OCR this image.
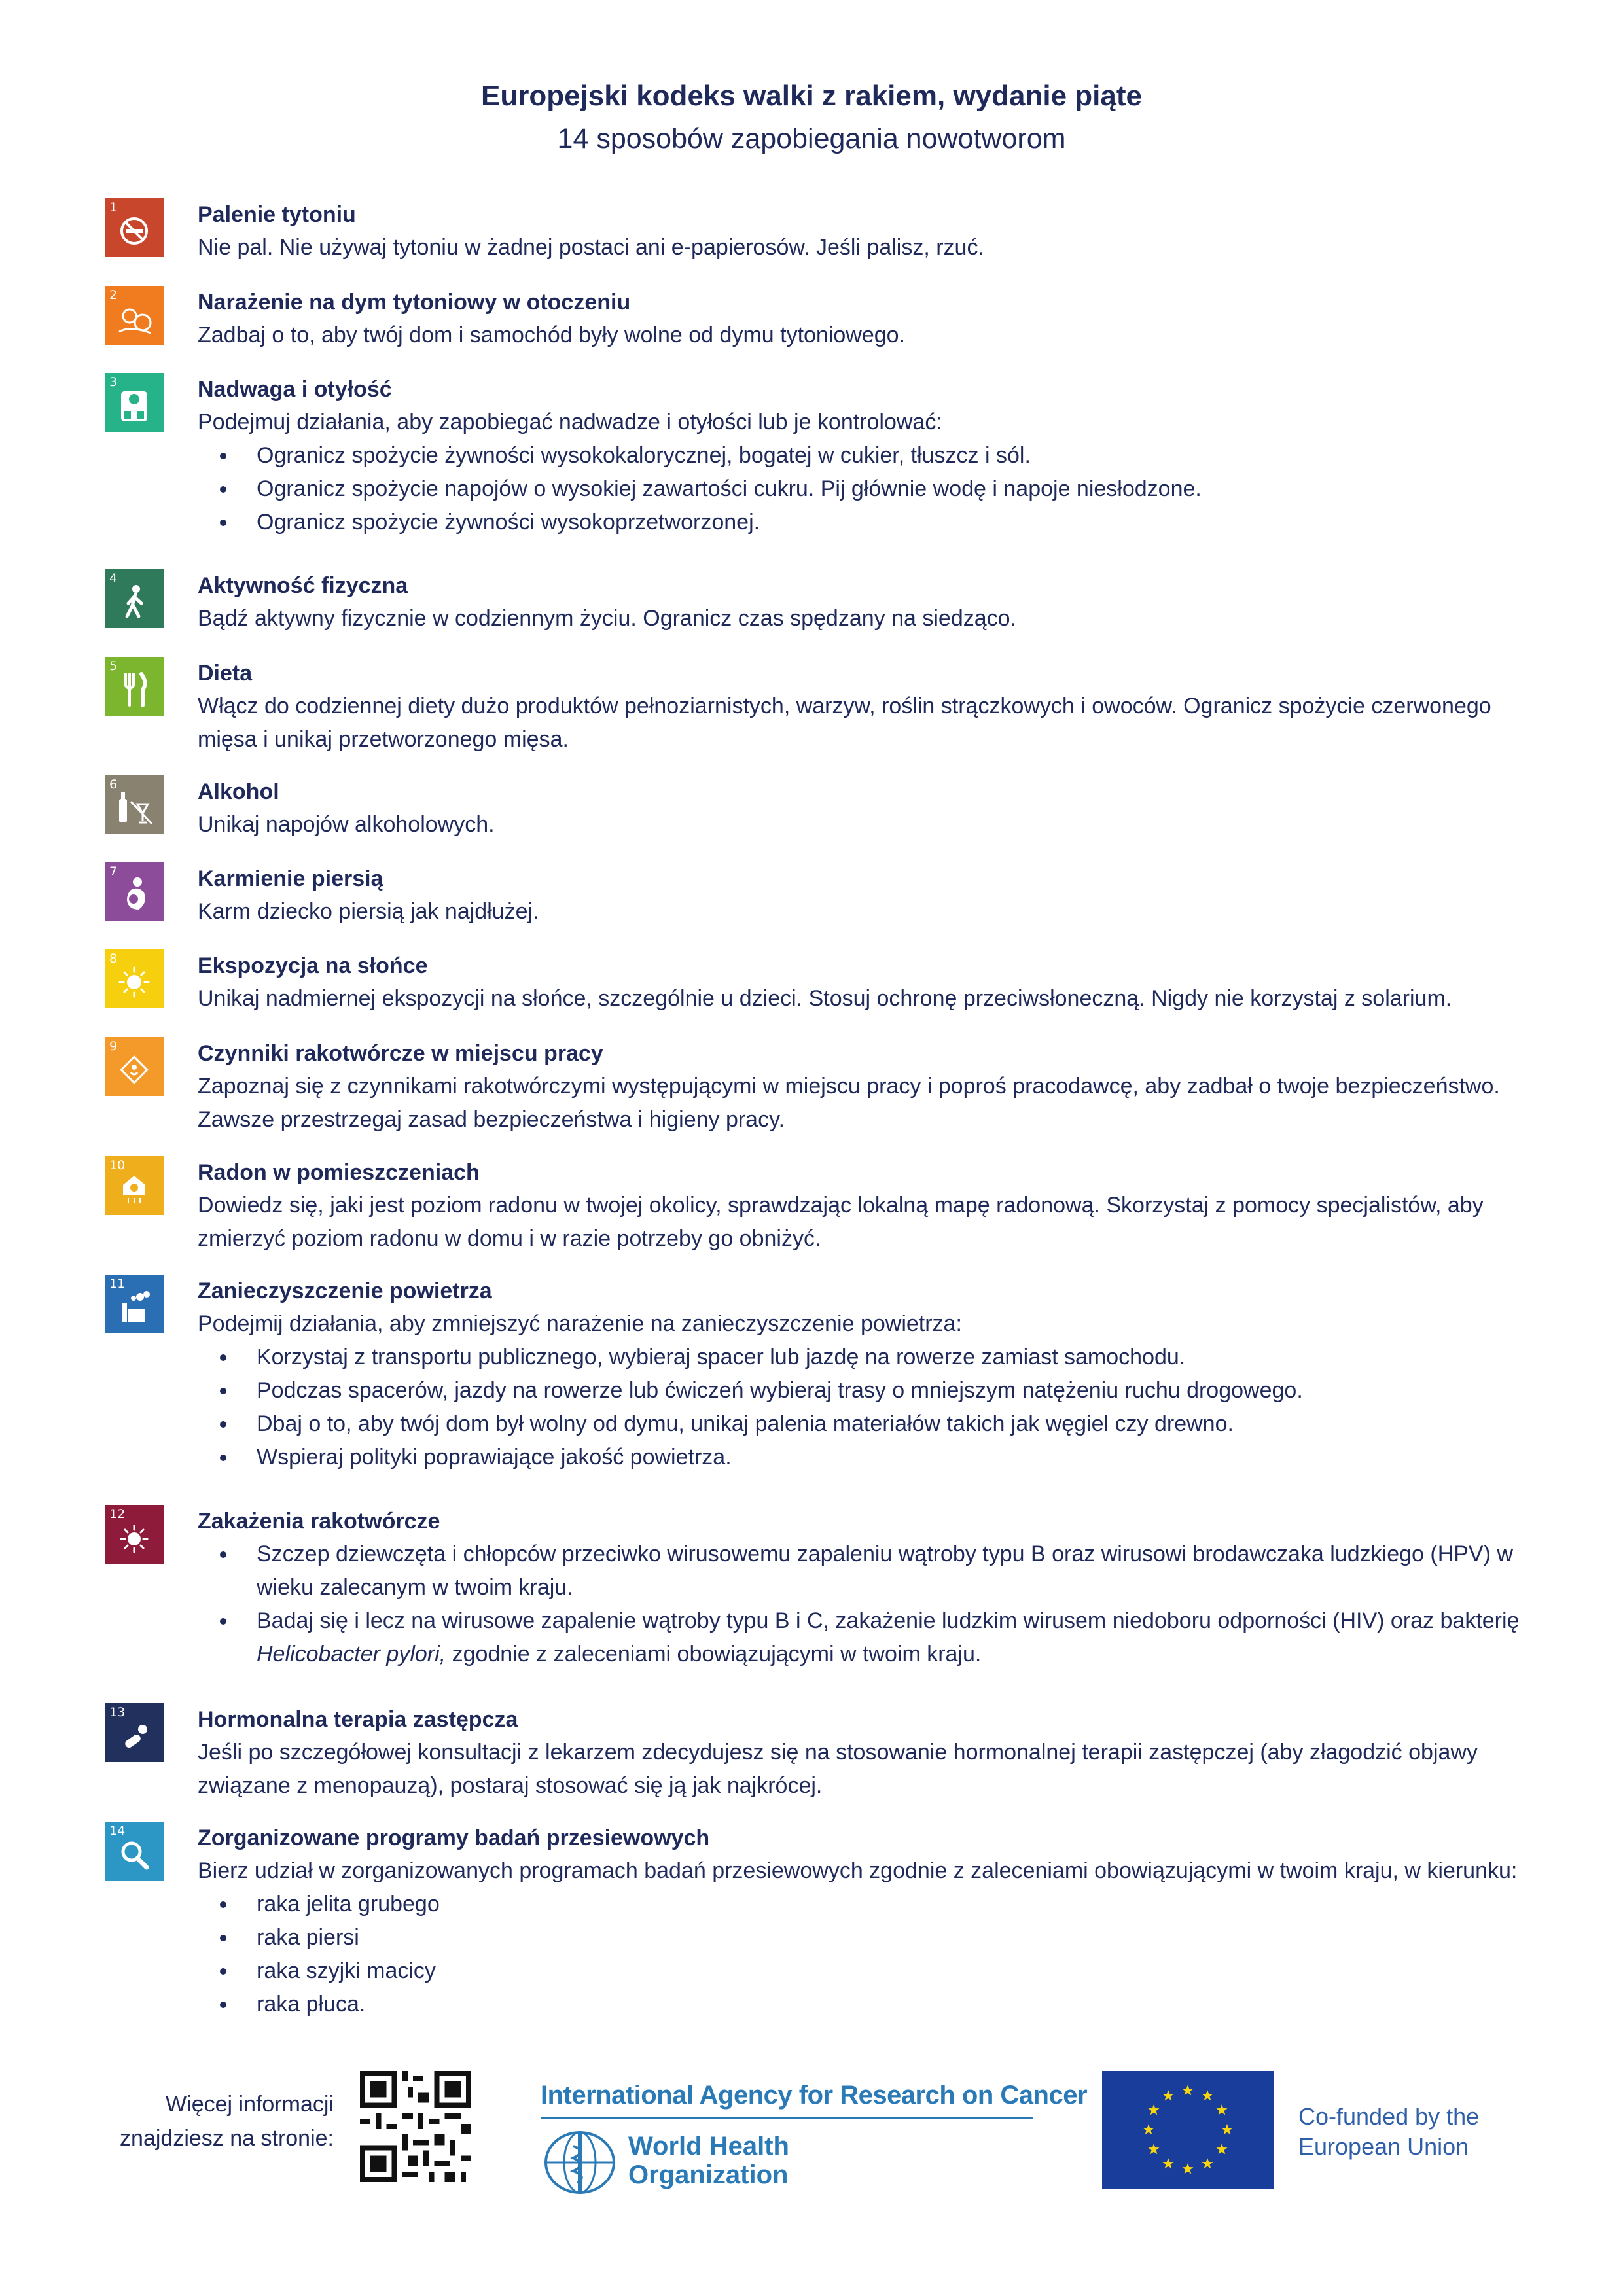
Europejski kodeks walki z rakiem, wydanie piąte
14 sposobów zapobiegania nowotworom
1	Palenie tytoniu
Nie pal. Nie używaj tytoniu w żadnej postaci ani e-papierosów. Jeśli palisz, rzuć.
2	Narażenie na dym tytoniowy w otoczeniu
Zadbaj o to, aby twój dom i samochód były wolne od dymu tytoniowego.
3	Nadwaga i otyłość
Podejmuj działania, aby zapobiegać nadwadze i otyłości lub je kontrolować:
Ogranicz spożycie żywności wysokokalorycznej, bogatej w cukier, tłuszcz i sól.
Ogranicz spożycie napojów o wysokiej zawartości cukru. Pij głównie wodę i napoje niesłodzone.
Ogranicz spożycie żywności wysokoprzetworzonej.
4	Aktywność fizyczna
Bądź aktywny fizycznie w codziennym życiu. Ogranicz czas spędzany na siedząco.
5	Dieta
Włącz do codziennej diety dużo produktów pełnoziarnistych, warzyw, roślin strączkowych i owoców. Ogranicz spożycie czerwonego mięsa i unikaj przetworzonego mięsa.
6	Alkohol
Unikaj napojów alkoholowych.
7	Karmienie piersią
Karm dziecko piersią jak najdłużej.
8	Ekspozycja na słońce
Unikaj nadmiernej ekspozycji na słońce, szczególnie u dzieci. Stosuj ochronę przeciwsłoneczną. Nigdy nie korzystaj z solarium.
9	Czynniki rakotwórcze w miejscu pracy
Zapoznaj się z czynnikami rakotwórczymi występującymi w miejscu pracy i poproś pracodawcę, aby zadbał o twoje bezpieczeństwo. Zawsze przestrzegaj zasad bezpieczeństwa i higieny pracy.
10	Radon w pomieszczeniach
Dowiedz się, jaki jest poziom radonu w twojej okolicy, sprawdzając lokalną mapę radonową. Skorzystaj z pomocy specjalistów, aby zmierzyć poziom radonu w domu i w razie potrzeby go obniżyć.
11	Zanieczyszczenie powietrza
Podejmij działania, aby zmniejszyć narażenie na zanieczyszczenie powietrza:
Korzystaj z transportu publicznego, wybieraj spacer lub jazdę na rowerze zamiast samochodu.
Podczas spacerów, jazdy na rowerze lub ćwiczeń wybieraj trasy o mniejszym natężeniu ruchu drogowego.
Dbaj o to, aby twój dom był wolny od dymu, unikaj palenia materiałów takich jak węgiel czy drewno.
Wspieraj polityki poprawiające jakość powietrza.
12	Zakażenia rakotwórcze
Szczep dziewczęta i chłopców przeciwko wirusowemu zapaleniu wątroby typu B oraz wirusowi brodawczaka ludzkiego (HPV) w wieku zalecanym w twoim kraju.
Badaj się i lecz na wirusowe zapalenie wątroby typu B i C, zakażenie ludzkim wirusem niedoboru odporności (HIV) oraz bakterię Helicobacter pylori, zgodnie z zaleceniami obowiązującymi w twoim kraju.
13	Hormonalna terapia zastępcza
Jeśli po szczegółowej konsultacji z lekarzem zdecydujesz się na stosowanie hormonalnej terapii zastępczej (aby złagodzić objawy związane z menopauzą), postaraj stosować się ją jak najkrócej.
14	Zorganizowane programy badań przesiewowych
Bierz udział w zorganizowanych programach badań przesiewowych zgodnie z zaleceniami obowiązującymi w twoim kraju, w kierunku:
raka jelita grubego
raka piersi
raka szyjki macicy
raka płuca.
Więcej informacji
znajdziesz na stronie:
International Agency for Research on Cancer
World Health
Organization
Co-funded by the
European Union
